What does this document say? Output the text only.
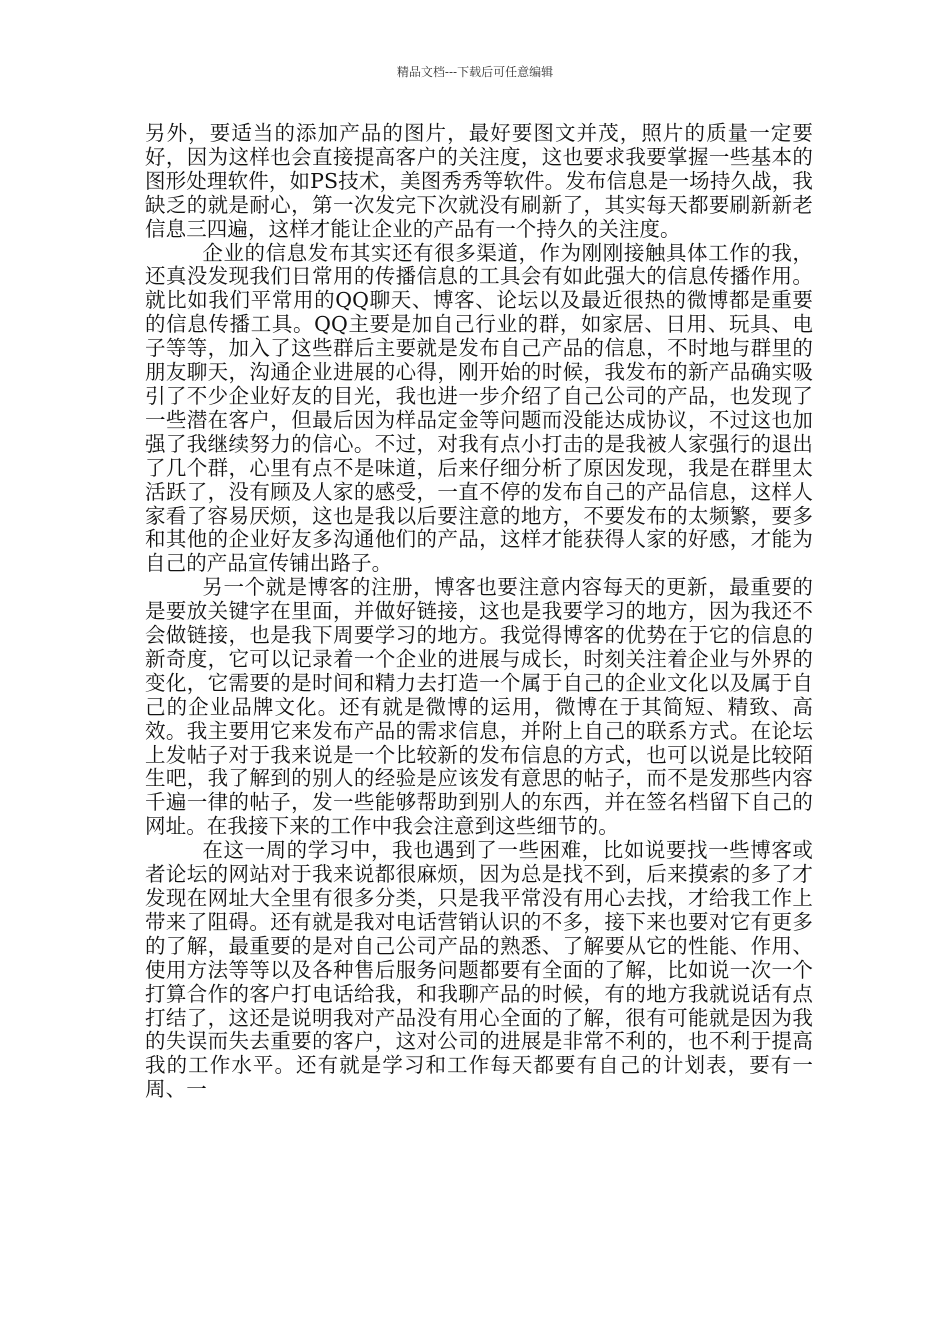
精品文档---下载后可任意编辑

另外，要适当的添加产品的图片，最好要图文并茂，照片的质量一定要好，因为这样也会直接提高客户的关注度，这也要求我要掌握一些基本的图形处理软件，如PS技术，美图秀秀等软件。发布信息是一场持久战，我缺乏的就是耐心，第一次发完下次就没有刷新了，其实每天都要刷新新老信息三四遍，这样才能让企业的产品有一个持久的关注度。

企业的信息发布其实还有很多渠道，作为刚刚接触具体工作的我，还真没发现我们日常用的传播信息的工具会有如此强大的信息传播作用。就比如我们平常用的QQ聊天、博客、论坛以及最近很热的微博都是重要的信息传播工具。QQ主要是加自己行业的群，如家居、日用、玩具、电子等等，加入了这些群后主要就是发布自己产品的信息，不时地与群里的朋友聊天，沟通企业进展的心得，刚开始的时候，我发布的新产品确实吸引了不少企业好友的目光，我也进一步介绍了自己公司的产品，也发现了一些潜在客户，但最后因为样品定金等问题而没能达成协议，不过这也加强了我继续努力的信心。不过，对我有点小打击的是我被人家强行的退出了几个群，心里有点不是味道，后来仔细分析了原因发现，我是在群里太活跃了，没有顾及人家的感受，一直不停的发布自己的产品信息，这样人家看了容易厌烦，这也是我以后要注意的地方，不要发布的太频繁，要多和其他的企业好友多沟通他们的产品，这样才能获得人家的好感，才能为自己的产品宣传铺出路子。

另一个就是博客的注册，博客也要注意内容每天的更新，最重要的是要放关键字在里面，并做好链接，这也是我要学习的地方，因为我还不会做链接，也是我下周要学习的地方。我觉得博客的优势在于它的信息的新奇度，它可以记录着一个企业的进展与成长，时刻关注着企业与外界的变化，它需要的是时间和精力去打造一个属于自己的企业文化以及属于自己的企业品牌文化。还有就是微博的运用，微博在于其简短、精致、高效。我主要用它来发布产品的需求信息，并附上自己的联系方式。在论坛上发帖子对于我来说是一个比较新的发布信息的方式，也可以说是比较陌生吧，我了解到的别人的经验是应该发有意思的帖子，而不是发那些内容千遍一律的帖子，发一些能够帮助到别人的东西，并在签名档留下自己的网址。在我接下来的工作中我会注意到这些细节的。

在这一周的学习中，我也遇到了一些困难，比如说要找一些博客或者论坛的网站对于我来说都很麻烦，因为总是找不到，后来摸索的多了才发现在网址大全里有很多分类，只是我平常没有用心去找，才给我工作上带来了阻碍。还有就是我对电话营销认识的不多，接下来也要对它有更多的了解，最重要的是对自己公司产品的熟悉、了解要从它的性能、作用、使用方法等等以及各种售后服务问题都要有全面的了解，比如说一次一个打算合作的客户打电话给我，和我聊产品的时候，有的地方我就说话有点打结了，这还是说明我对产品没有用心全面的了解，很有可能就是因为我的失误而失去重要的客户，这对公司的进展是非常不利的，也不利于提高我的工作水平。还有就是学习和工作每天都要有自己的计划表，要有一周、一
